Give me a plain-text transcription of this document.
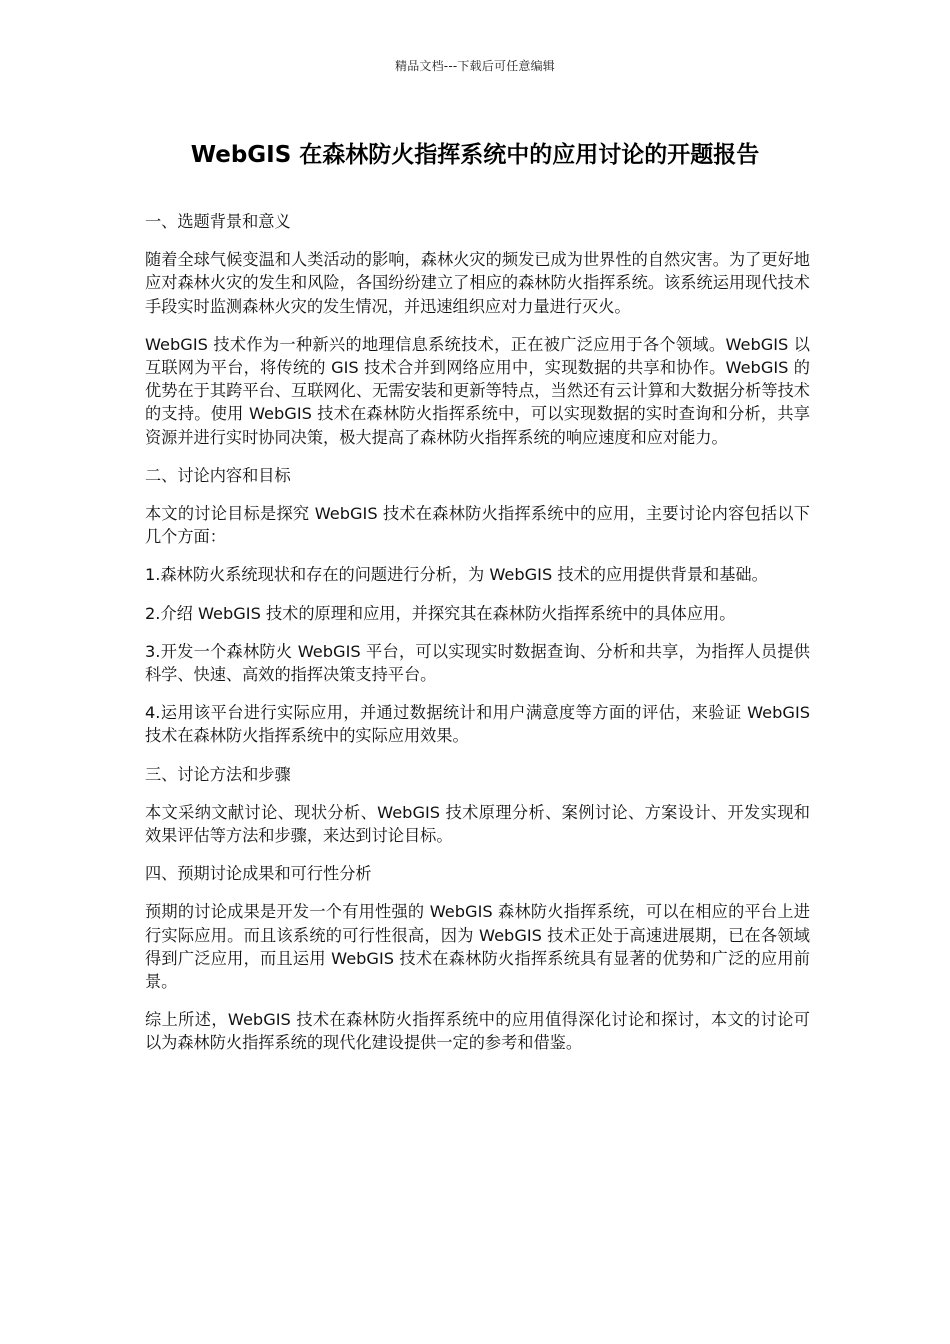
精品文档---下载后可任意编辑
WebGIS 在森林防火指挥系统中的应用讨论的开题报告
一、选题背景和意义

随着全球气候变温和人类活动的影响，森林火灾的频发已成为世界性的自然灾害。为了更好地应对森林火灾的发生和风险，各国纷纷建立了相应的森林防火指挥系统。该系统运用现代技术手段实时监测森林火灾的发生情况，并迅速组织应对力量进行灭火。

WebGIS 技术作为一种新兴的地理信息系统技术，正在被广泛应用于各个领域。WebGIS 以互联网为平台，将传统的 GIS 技术合并到网络应用中，实现数据的共享和协作。WebGIS 的优势在于其跨平台、互联网化、无需安装和更新等特点，当然还有云计算和大数据分析等技术的支持。使用 WebGIS 技术在森林防火指挥系统中，可以实现数据的实时查询和分析，共享资源并进行实时协同决策，极大提高了森林防火指挥系统的响应速度和应对能力。

二、讨论内容和目标

本文的讨论目标是探究 WebGIS 技术在森林防火指挥系统中的应用，主要讨论内容包括以下几个方面：

1.森林防火系统现状和存在的问题进行分析，为 WebGIS 技术的应用提供背景和基础。

2.介绍 WebGIS 技术的原理和应用，并探究其在森林防火指挥系统中的具体应用。

3.开发一个森林防火 WebGIS 平台，可以实现实时数据查询、分析和共享，为指挥人员提供科学、快速、高效的指挥决策支持平台。

4.运用该平台进行实际应用，并通过数据统计和用户满意度等方面的评估，来验证 WebGIS 技术在森林防火指挥系统中的实际应用效果。

三、讨论方法和步骤

本文采纳文献讨论、现状分析、WebGIS 技术原理分析、案例讨论、方案设计、开发实现和效果评估等方法和步骤，来达到讨论目标。

四、预期讨论成果和可行性分析

预期的讨论成果是开发一个有用性强的 WebGIS 森林防火指挥系统，可以在相应的平台上进行实际应用。而且该系统的可行性很高，因为 WebGIS 技术正处于高速进展期，已在各领域得到广泛应用，而且运用 WebGIS 技术在森林防火指挥系统具有显著的优势和广泛的应用前景。

综上所述，WebGIS 技术在森林防火指挥系统中的应用值得深化讨论和探讨，本文的讨论可以为森林防火指挥系统的现代化建设提供一定的参考和借鉴。
